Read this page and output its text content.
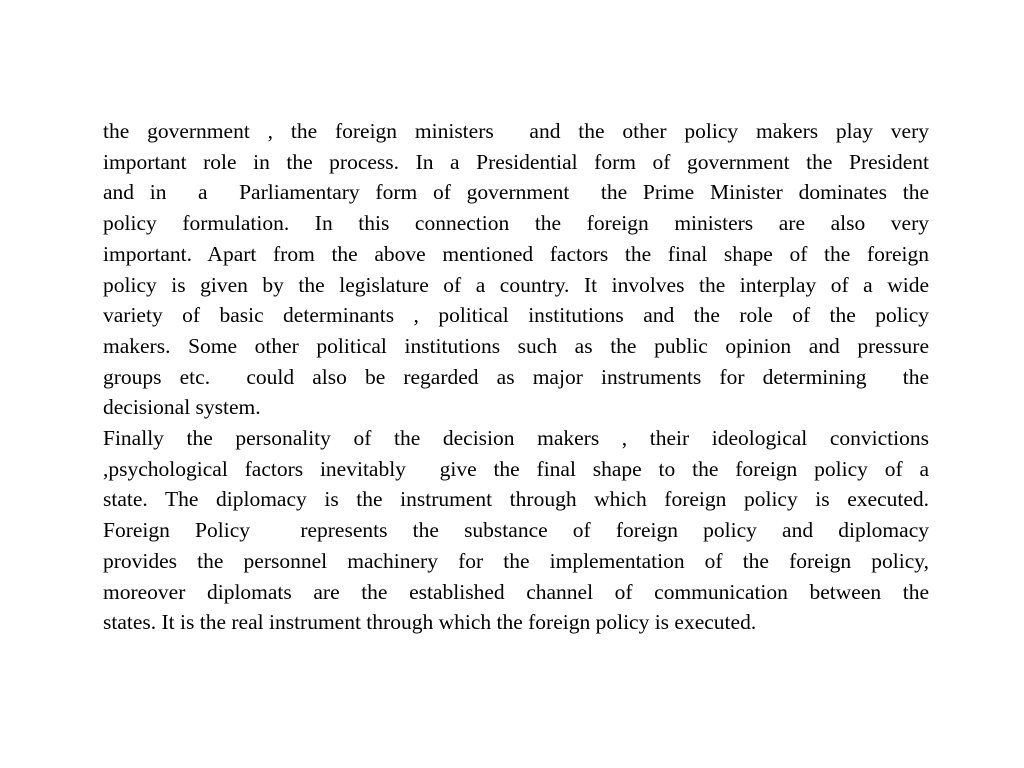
the government , the foreign ministers  and the other policy makers play very
important role in the process. In a Presidential form of government the President
and in  a  Parliamentary form of government  the Prime Minister dominates the
policy formulation. In this connection the foreign ministers are also very
important. Apart from the above mentioned factors the final shape of the foreign
policy is given by the legislature of a country. It involves the interplay of a wide
variety of basic determinants , political institutions and the role of the policy
makers. Some other political institutions such as the public opinion and pressure
groups etc.  could also be regarded as major instruments for determining  the
decisional system.
Finally the personality of the decision makers , their ideological convictions
,psychological factors inevitably  give the final shape to the foreign policy of a
state. The diplomacy is the instrument through which foreign policy is executed.
Foreign Policy  represents the substance of foreign policy and diplomacy
provides the personnel machinery for the implementation of the foreign policy,
moreover diplomats are the established channel of communication between the
states. It is the real instrument through which the foreign policy is executed.
